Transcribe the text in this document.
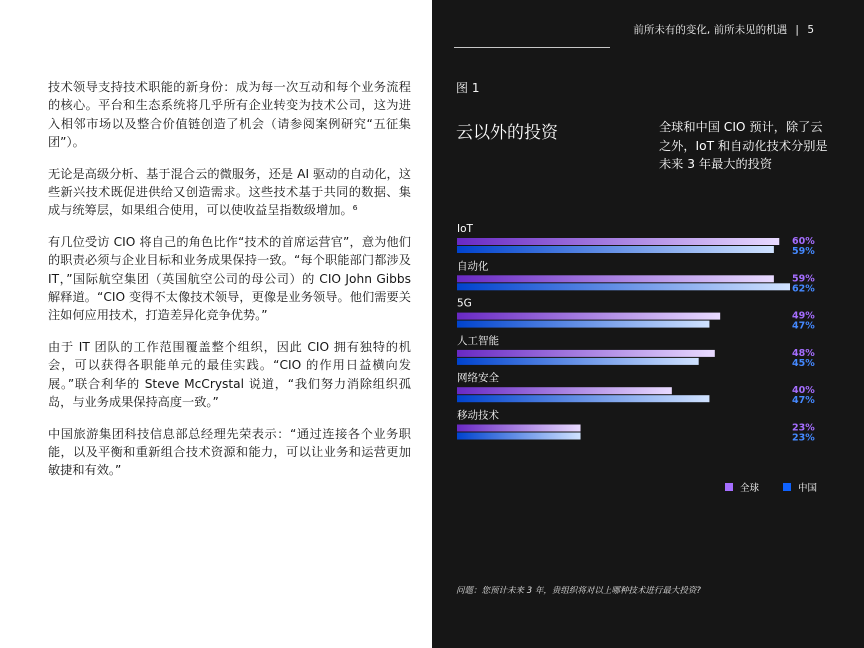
技术领导支持技术职能的新身份：成为每一次互动和每个业务流程的核心。平台和生态系统将几乎所有企业转变为技术公司，这为进入相邻市场以及整合价值链创造了机会（请参阅案例研究“五征集团”）。

无论是高级分析、基于混合云的微服务，还是 AI 驱动的自动化，这些新兴技术既促进供给又创造需求。这些技术基于共同的数据、集成与统筹层，如果组合使用，可以使收益呈指数级增加。⁶

有几位受访 CIO 将自己的角色比作“技术的首席运营官”，意为他们的职责必须与企业目标和业务成果保持一致。“每个职能部门都涉及 IT，”国际航空集团（英国航空公司的母公司）的 CIO John Gibbs 解释道。“CIO 变得不太像技术领导，更像是业务领导。他们需要关注如何应用技术，打造差异化竞争优势。”

由于 IT 团队的工作范围覆盖整个组织，因此 CIO 拥有独特的机会，可以获得各职能单元的最佳实践。“CIO 的作用日益横向发展。”联合利华的 Steve McCrystal 说道，“我们努力消除组织孤岛，与业务成果保持高度一致。”

中国旅游集团科技信息部总经理先荣表示：“通过连接各个业务职能，以及平衡和重新组合技术资源和能力，可以让业务和运营更加敏捷和有效。”

前所未有的变化, 前所未见的机遇 | 5
图 1
云以外的投资	全球和中国 CIO 预计，除了云之外，IoT 和自动化技术分别是未来 3 年最大的投资
IoT
60%
59%
自动化
59%
62%
5G
49%
47%
人工智能
48%
45%
网络安全
40%
47%
移动技术
23%
23%
全球	中国
问题：您预计未来 3 年，贵组织将对以上哪种技术进行最大投资?
